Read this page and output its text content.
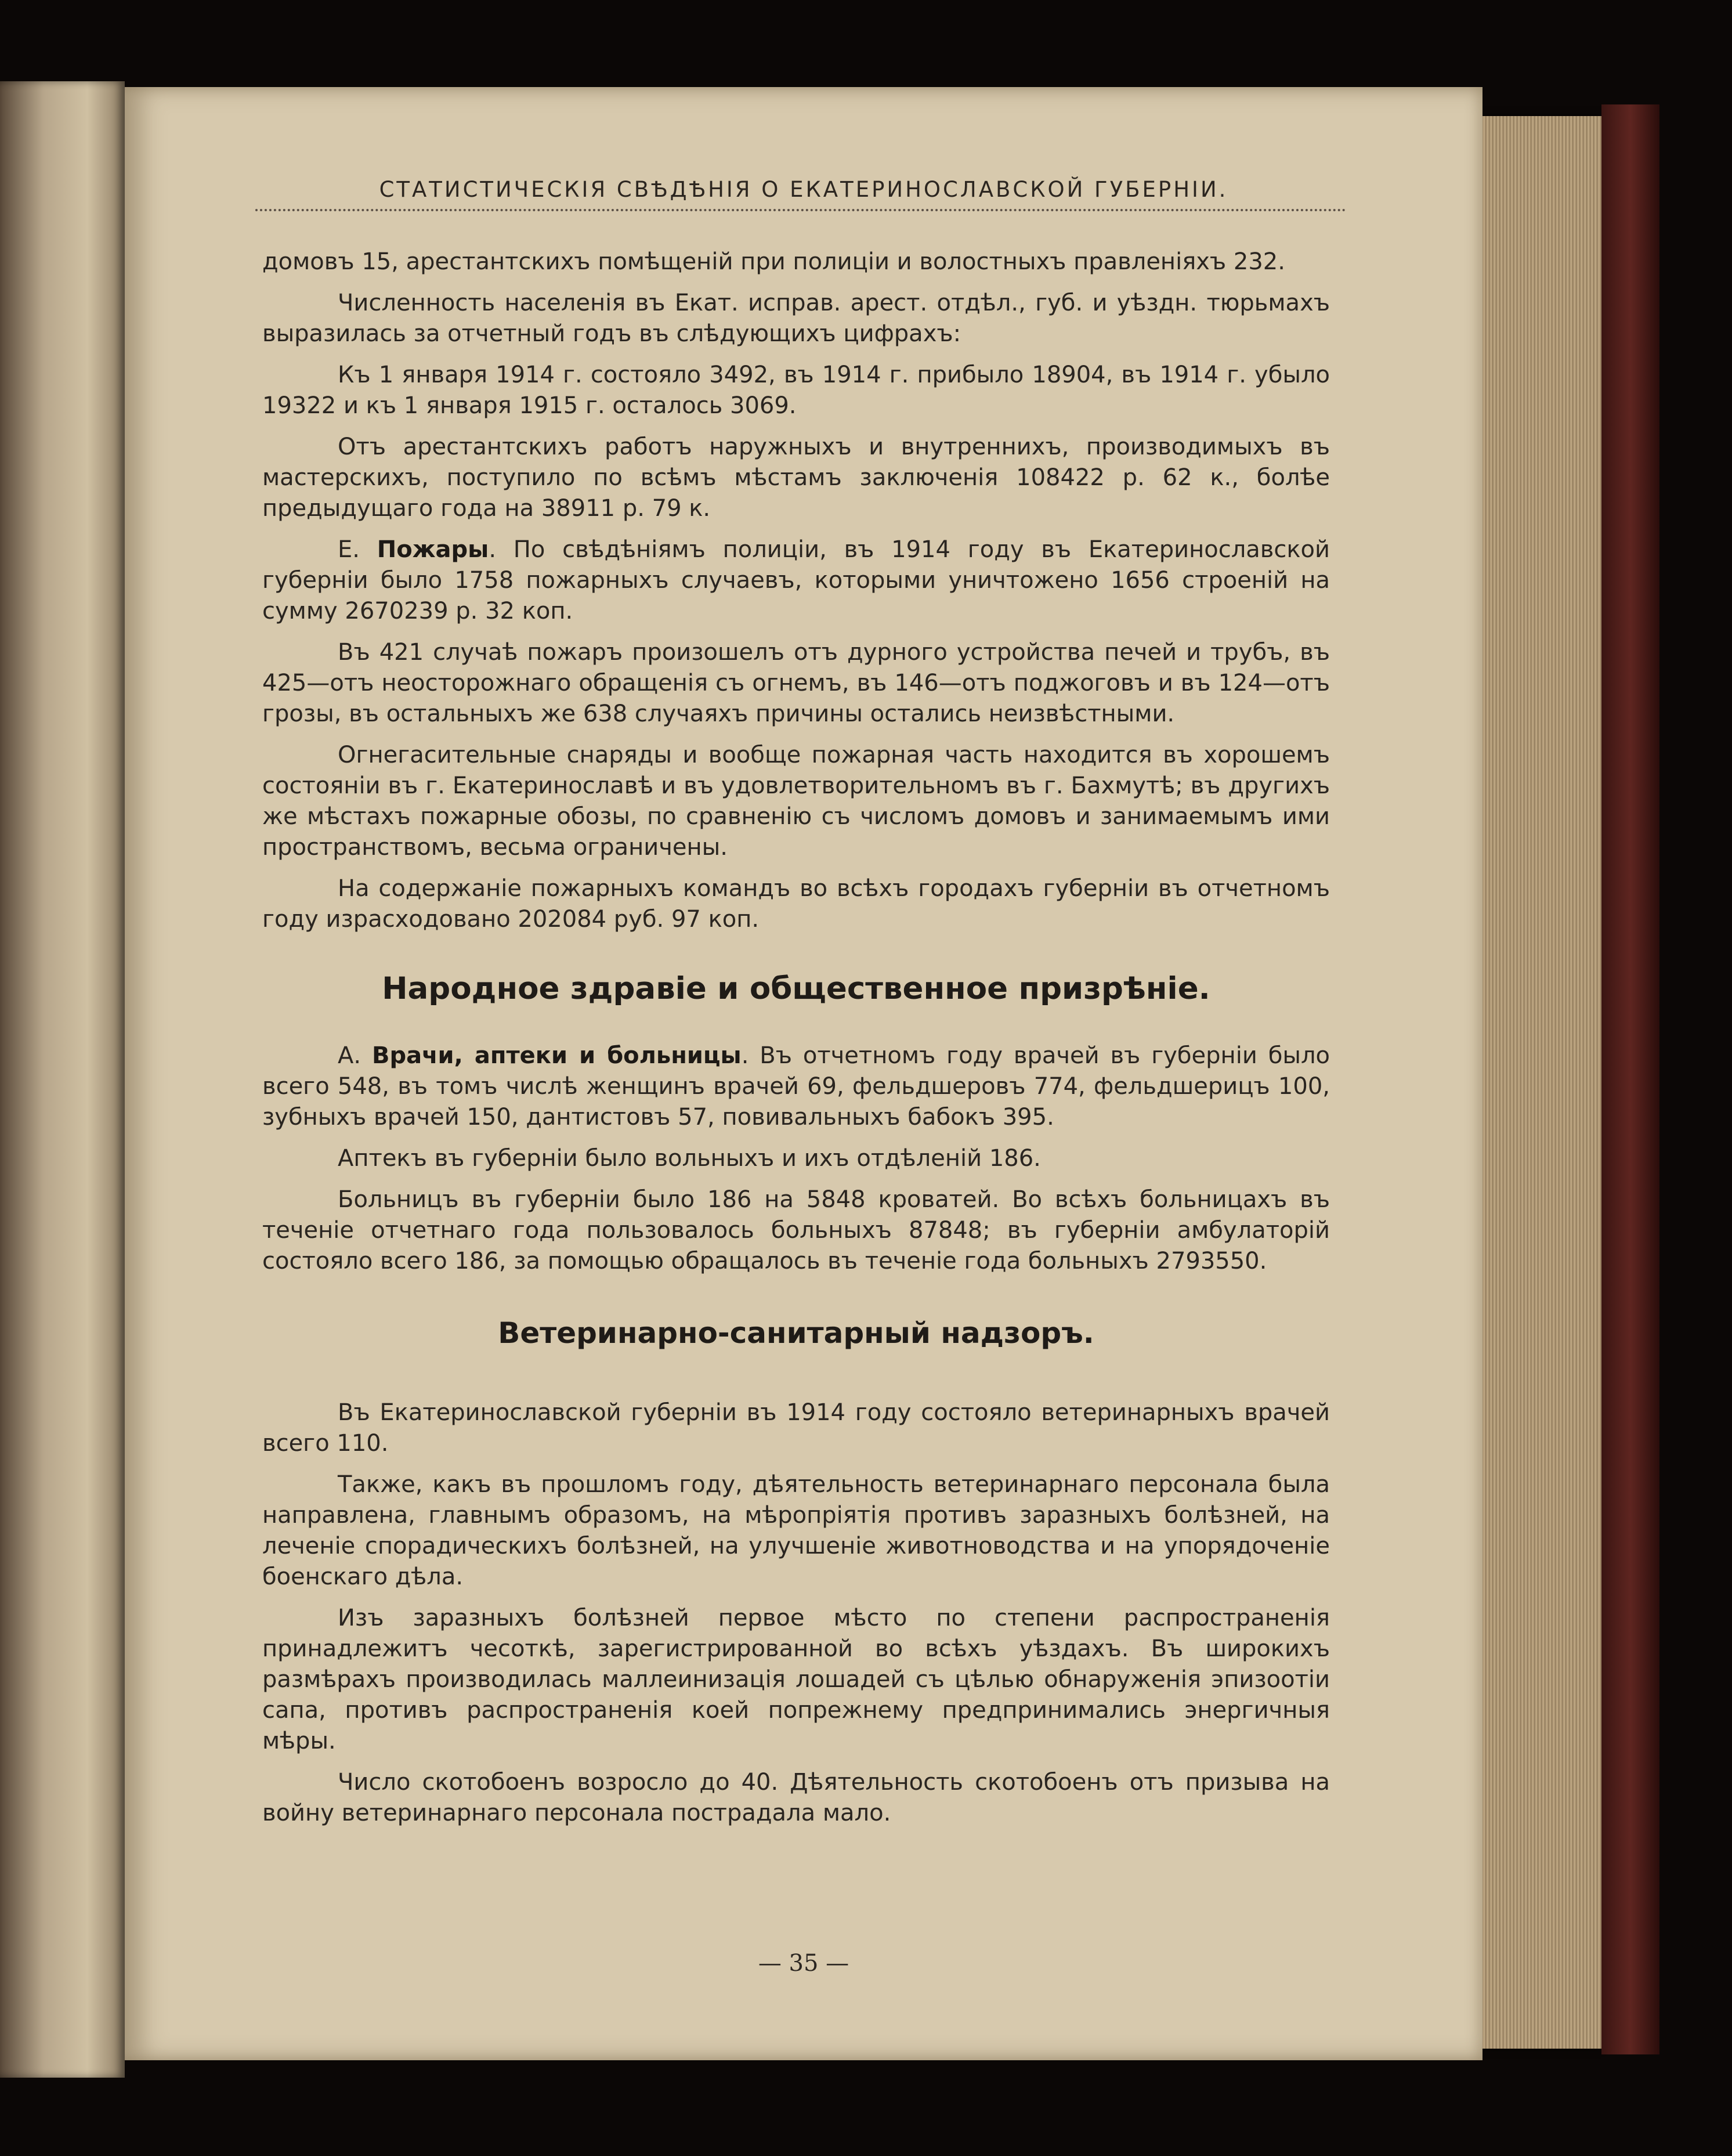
СТАТИСТИЧЕСКІЯ СВѢДѢНІЯ О ЕКАТЕРИНОСЛАВСКОЙ ГУБЕРНІИ.

домовъ 15, арестантскихъ помѣщеній при полиціи и волостныхъ правленіяхъ 232.

Численность населенія въ Екат. исправ. арест. отдѣл., губ. и уѣздн. тюрьмахъ выразилась за отчетный годъ въ слѣдующихъ цифрахъ:

Къ 1 января 1914 г. состояло 3492, въ 1914 г. прибыло 18904, въ 1914 г. убыло 19322 и къ 1 января 1915 г. осталось 3069.

Отъ арестантскихъ работъ наружныхъ и внутреннихъ, производимыхъ въ мастерскихъ, поступило по всѣмъ мѣстамъ заключенія 108422 р. 62 к., болѣе предыдущаго года на 38911 р. 79 к.

Е. Пожары. По свѣдѣніямъ полиціи, въ 1914 году въ Екатеринославской губерніи было 1758 пожарныхъ случаевъ, которыми уничтожено 1656 строеній на сумму 2670239 р. 32 коп.

Въ 421 случаѣ пожаръ произошелъ отъ дурного устройства печей и трубъ, въ 425—отъ неосторожнаго обращенія съ огнемъ, въ 146—отъ поджоговъ и въ 124—отъ грозы, въ остальныхъ же 638 случаяхъ причины остались неизвѣстными.

Огнегасительные снаряды и вообще пожарная часть находится въ хорошемъ состояніи въ г. Екатеринославѣ и въ удовлетворительномъ въ г. Бахмутѣ; въ другихъ же мѣстахъ пожарные обозы, по сравненію съ числомъ домовъ и занимаемымъ ими пространствомъ, весьма ограничены.

На содержаніе пожарныхъ командъ во всѣхъ городахъ губерніи въ отчетномъ году израсходовано 202084 руб. 97 коп.

Народное здравіе и общественное призрѣніе.

А. Врачи, аптеки и больницы. Въ отчетномъ году врачей въ губерніи было всего 548, въ томъ числѣ женщинъ врачей 69, фельдшеровъ 774, фельдшерицъ 100, зубныхъ врачей 150, дантистовъ 57, повивальныхъ бабокъ 395.

Аптекъ въ губерніи было вольныхъ и ихъ отдѣленій 186.

Больницъ въ губерніи было 186 на 5848 кроватей. Во всѣхъ больницахъ въ теченіе отчетнаго года пользовалось больныхъ 87848; въ губерніи амбулаторій состояло всего 186, за помощью обращалось въ теченіе года больныхъ 2793550.

Ветеринарно-санитарный надзоръ.

Въ Екатеринославской губерніи въ 1914 году состояло ветеринарныхъ врачей всего 110.

Также, какъ въ прошломъ году, дѣятельность ветеринарнаго персонала была направлена, главнымъ образомъ, на мѣропріятія противъ заразныхъ болѣзней, на леченіе спорадическихъ болѣзней, на улучшеніе животноводства и на упорядоченіе боенскаго дѣла.

Изъ заразныхъ болѣзней первое мѣсто по степени распространенія принадлежитъ чесоткѣ, зарегистрированной во всѣхъ уѣздахъ. Въ широкихъ размѣрахъ производилась маллеинизація лошадей съ цѣлью обнаруженія эпизоотіи сапа, противъ распространенія коей попрежнему предпринимались энергичныя мѣры.

Число скотобоенъ возросло до 40. Дѣятельность скотобоенъ отъ призыва на войну ветеринарнаго персонала пострадала мало.

— 35 —
